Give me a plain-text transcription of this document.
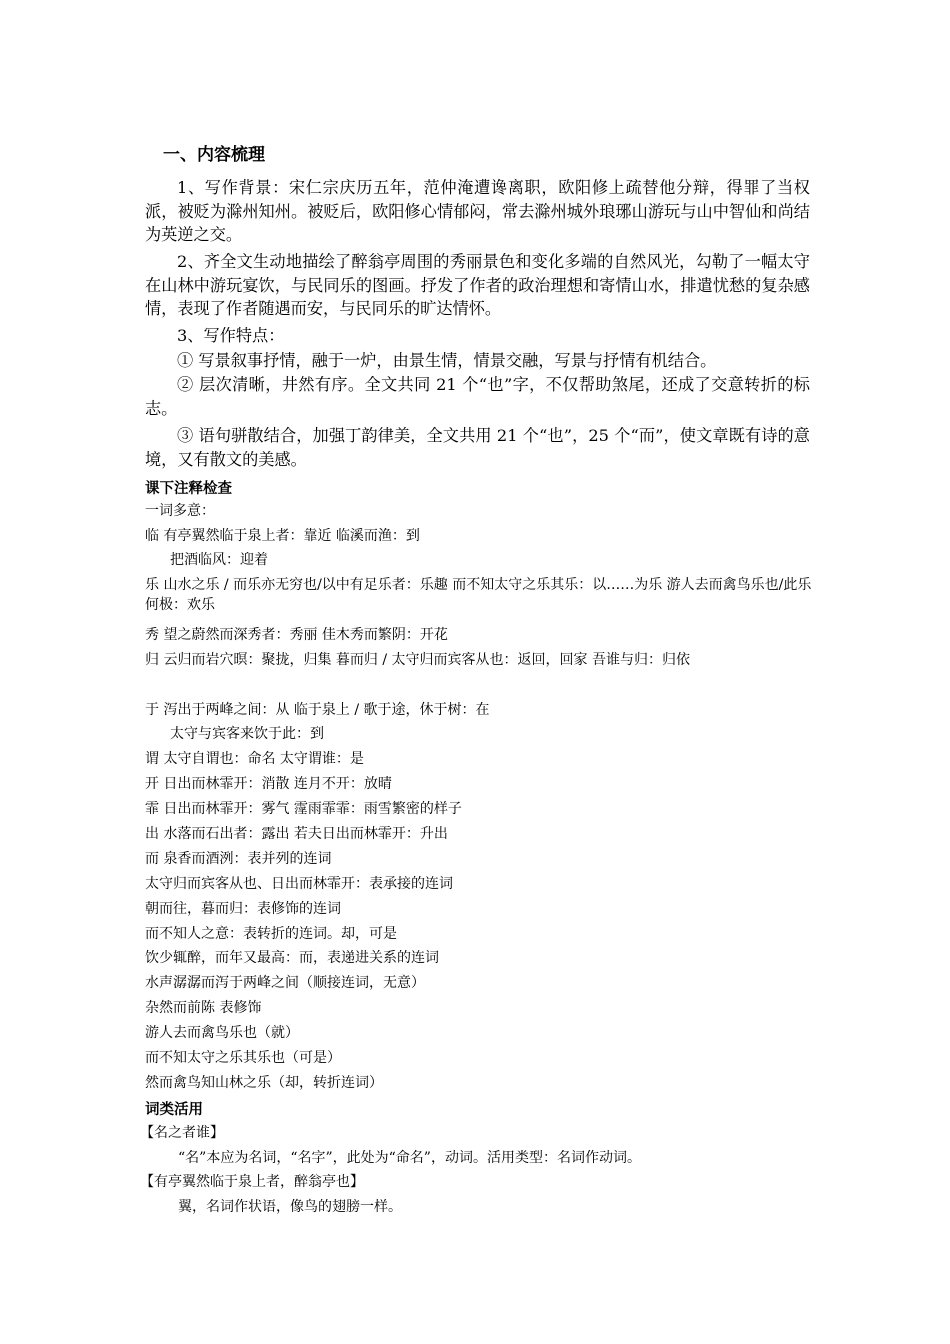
一、内容梳理
1、写作背景：宋仁宗庆历五年，范仲淹遭谗离职，欧阳修上疏替他分辩，得罪了当权派，被贬为滁州知州。被贬后，欧阳修心情郁闷，常去滁州城外琅琊山游玩与山中智仙和尚结为英逆之交。
2、齐全文生动地描绘了醉翁亭周围的秀丽景色和变化多端的自然风光，勾勒了一幅太守在山林中游玩宴饮，与民同乐的图画。抒发了作者的政治理想和寄情山水，排遣忧愁的复杂感情，表现了作者随遇而安，与民同乐的旷达情怀。
3、写作特点：
① 写景叙事抒情，融于一炉，由景生情，情景交融，写景与抒情有机结合。
② 层次清晰，井然有序。全文共同 21 个“也”字，不仅帮助煞尾，还成了交意转折的标志。
③ 语句骈散结合，加强丁韵律美，全文共用 21 个“也”，25 个“而”，使文章既有诗的意境，又有散文的美感。
课下注释检查
一词多意：
临 有亭翼然临于泉上者：靠近 临溪而渔：到
把酒临风：迎着
乐 山水之乐 / 而乐亦无穷也/以中有足乐者：乐趣 而不知太守之乐其乐：以……为乐 游人去而禽鸟乐也/此乐何极：欢乐
秀 望之蔚然而深秀者：秀丽 佳木秀而繁阴：开花
归 云归而岩穴暝：聚拢，归集 暮而归 / 太守归而宾客从也：返回，回家 吾谁与归：归依
于 泻出于两峰之间：从 临于泉上 / 歌于途，休于树：在
太守与宾客来饮于此：到
谓 太守自谓也：命名 太守谓谁：是
开 日出而林霏开：消散 连月不开：放晴
霏 日出而林霏开：雾气 霪雨霏霏：雨雪繁密的样子
出 水落而石出者：露出 若夫日出而林霏开：升出
而 泉香而酒洌：表并列的连词
太守归而宾客从也、日出而林霏开：表承接的连词
朝而往，暮而归：表修饰的连词
而不知人之意：表转折的连词。却，可是
饮少辄醉，而年又最高：而，表递进关系的连词
水声潺潺而泻于两峰之间（顺接连词，无意）
杂然而前陈 表修饰
游人去而禽鸟乐也（就）
而不知太守之乐其乐也（可是）
然而禽鸟知山林之乐（却，转折连词）
词类活用
【名之者谁】
“名”本应为名词，“名字”，此处为“命名”，动词。活用类型：名词作动词。
【有亭翼然临于泉上者，醉翁亭也】
翼，名词作状语，像鸟的翅膀一样。
